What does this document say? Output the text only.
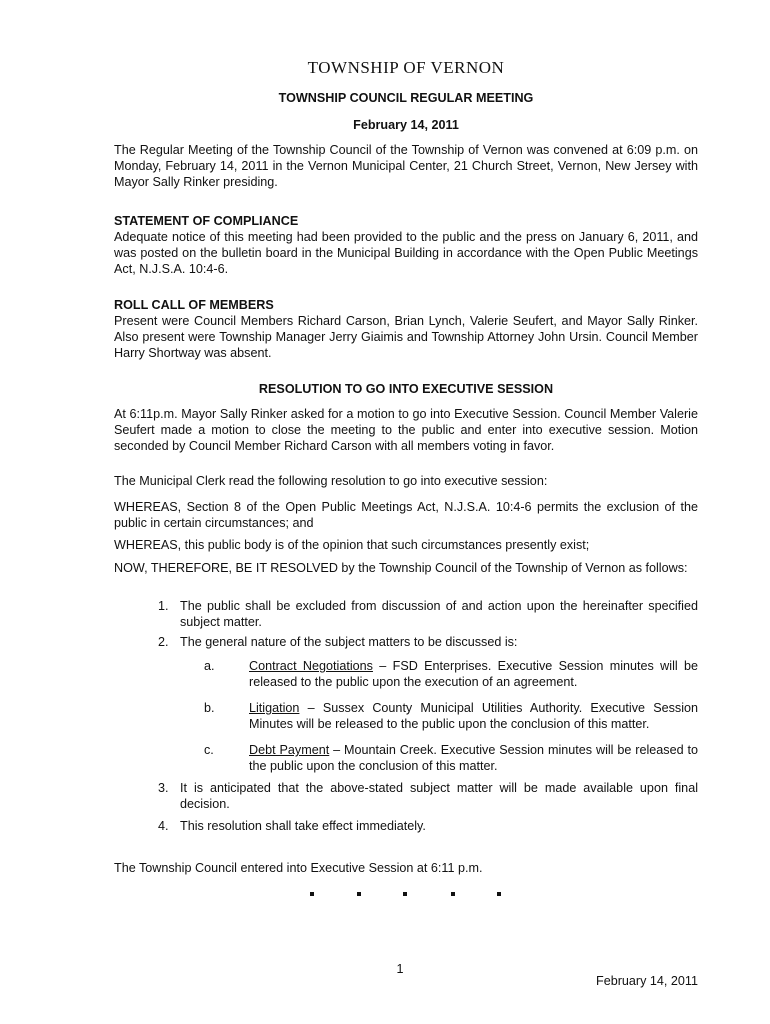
TOWNSHIP OF VERNON
TOWNSHIP COUNCIL REGULAR MEETING
February 14, 2011
The Regular Meeting of the Township Council of the Township of Vernon was convened at 6:09 p.m. on Monday, February 14, 2011 in the Vernon Municipal Center, 21 Church Street, Vernon, New Jersey with Mayor Sally Rinker presiding.
STATEMENT OF COMPLIANCE
Adequate notice of this meeting had been provided to the public and the press on January 6, 2011, and was posted on the bulletin board in the Municipal Building in accordance with the Open Public Meetings Act, N.J.S.A. 10:4-6.
ROLL CALL OF MEMBERS
Present were Council Members Richard Carson, Brian Lynch, Valerie Seufert, and Mayor Sally Rinker. Also present were Township Manager Jerry Giaimis and Township Attorney John Ursin. Council Member Harry Shortway was absent.
RESOLUTION TO GO INTO EXECUTIVE SESSION
At 6:11p.m. Mayor Sally Rinker asked for a motion to go into Executive Session. Council Member Valerie Seufert made a motion to close the meeting to the public and enter into executive session. Motion seconded by Council Member Richard Carson with all members voting in favor.
The Municipal Clerk read the following resolution to go into executive session:
WHEREAS, Section 8 of the Open Public Meetings Act, N.J.S.A. 10:4-6 permits the exclusion of the public in certain circumstances; and
WHEREAS, this public body is of the opinion that such circumstances presently exist;
NOW, THEREFORE, BE IT RESOLVED by the Township Council of the Township of Vernon as follows:
1. The public shall be excluded from discussion of and action upon the hereinafter specified subject matter.
2. The general nature of the subject matters to be discussed is:
a.	Contract Negotiations – FSD Enterprises. Executive Session minutes will be released to the public upon the execution of an agreement.
b.	Litigation – Sussex County Municipal Utilities Authority. Executive Session Minutes will be released to the public upon the conclusion of this matter.
c.	Debt Payment – Mountain Creek. Executive Session minutes will be released to the public upon the conclusion of this matter.
3. It is anticipated that the above-stated subject matter will be made available upon final decision.
4. This resolution shall take effect immediately.
The Township Council entered into Executive Session at 6:11 p.m.
1
February 14, 2011
